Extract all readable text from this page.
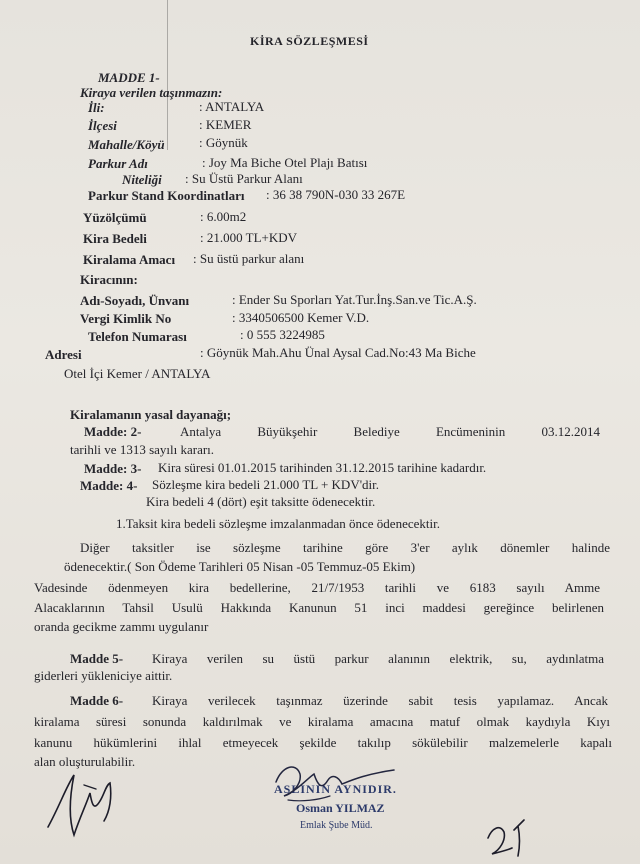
KİRA SÖZLEŞMESİ
MADDE 1-
Kiraya verilen taşınmazın:
İli:	: ANTALYA
İlçesi	: KEMER
Mahalle/Köyü	: Göynük
Parkur Adı	: Joy Ma Biche Otel Plajı Batısı
Niteliği : Su Üstü Parkur Alanı
Parkur Stand Koordinatları : 36 38 790N-030 33 267E
Yüzölçümü	: 6.00m2
Kira Bedeli	: 21.000 TL+KDV
Kiralama Amacı : Su üstü parkur alanı
Kiracının:
Adı-Soyadı, Ünvanı	: Ender Su Sporları Yat.Tur.İnş.San.ve Tic.A.Ş.
Vergi Kimlik No	: 3340506500 Kemer V.D.
Telefon Numarası	: 0 555 3224985
Adresi	: Göynük Mah.Ahu Ünal Aysal Cad.No:43 Ma Biche
Otel İçi Kemer / ANTALYA
Kiralamanın yasal dayanağı;
Madde: 2-	Antalya Büyükşehir Belediye Encümeninin 03.12.2014
tarihli ve 1313 sayılı kararı.
Madde: 3- Kira süresi 01.01.2015 tarihinden 31.12.2015 tarihine kadardır.
Madde: 4- Sözleşme kira bedeli 21.000 TL + KDV'dir.
Kira bedeli 4 (dört) eşit taksitte ödenecektir.
1.Taksit kira bedeli sözleşme imzalanmadan önce ödenecektir.
Diğer taksitler ise sözleşme tarihine göre 3'er aylık dönemler halinde
ödenecektir.( Son Ödeme Tarihleri 05 Nisan -05 Temmuz-05 Ekim)
Vadesinde ödenmeyen kira bedellerine, 21/7/1953 tarihli ve 6183 sayılı Amme
Alacaklarının Tahsil Usulü Hakkında Kanunun 51 inci maddesi gereğince belirlenen
oranda gecikme zammı uygulanır
Madde 5- Kiraya verilen su üstü parkur alanının elektrik, su, aydınlatma
giderleri yükleniciye aittir.
Madde 6- Kiraya verilecek taşınmaz üzerinde sabit tesis yapılamaz. Ancak
kiralama süresi sonunda kaldırılmak ve kiralama amacına matuf olmak kaydıyla Kıyı
kanunu hükümlerini ihlal etmeyecek şekilde takılıp sökülebilir malzemelerle kapalı
alan oluşturulabilir.
ASLININ AYNIDIR.
Osman YILMAZ
Emlak Şube Müd.
